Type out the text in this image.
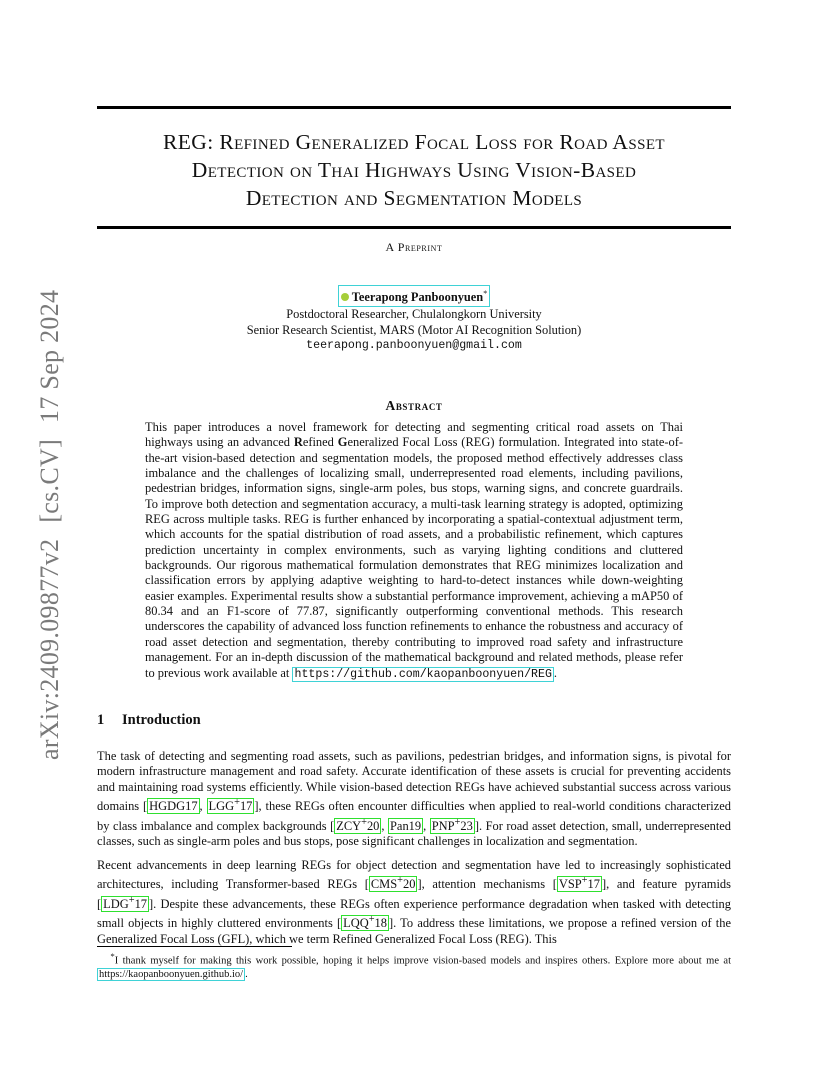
arXiv:2409.09877v2[cs.CV]17 Sep 2024
REG: Refined Generalized Focal Loss for Road Asset
Detection on Thai Highways Using Vision-Based
Detection and Segmentation Models
A Preprint
Teerapong Panboonyuen*
Postdoctoral Researcher, Chulalongkorn University
Senior Research Scientist, MARS (Motor AI Recognition Solution)
teerapong.panboonyuen@gmail.com
Abstract
This paper introduces a novel framework for detecting and segmenting critical road assets on Thai highways using an advanced Refined Generalized Focal Loss (REG) formulation. Integrated into state-of-the-art vision-based detection and segmentation models, the proposed method effectively addresses class imbalance and the challenges of localizing small, underrepresented road elements, including pavilions, pedestrian bridges, information signs, single-arm poles, bus stops, warning signs, and concrete guardrails. To improve both detection and segmentation accuracy, a multi-task learning strategy is adopted, optimizing REG across multiple tasks. REG is further enhanced by incorporating a spatial-contextual adjustment term, which accounts for the spatial distribution of road assets, and a probabilistic refinement, which captures prediction uncertainty in complex environments, such as varying lighting conditions and cluttered backgrounds. Our rigorous mathematical formulation demonstrates that REG minimizes localization and classification errors by applying adaptive weighting to hard-to-detect instances while down-weighting easier examples. Experimental results show a substantial performance improvement, achieving a mAP50 of 80.34 and an F1-score of 77.87, significantly outperforming conventional methods. This research underscores the capability of advanced loss function refinements to enhance the robustness and accuracy of road asset detection and segmentation, thereby contributing to improved road safety and infrastructure management. For an in-depth discussion of the mathematical background and related methods, please refer to previous work available at https://github.com/kaopanboonyuen/REG .
1 Introduction
The task of detecting and segmenting road assets, such as pavilions, pedestrian bridges, and information signs, is pivotal for modern infrastructure management and road safety. Accurate identification of these assets is crucial for preventing accidents and maintaining road systems efficiently. While vision-based detection REGs have achieved substantial success across various domains [ HGDG17 , LGG+17 ], these REGs often encounter difficulties when applied to real-world conditions characterized by class imbalance and complex backgrounds [ ZCY+20 , Pan19 , PNP+23 ]. For road asset detection, small, underrepresented classes, such as single-arm poles and bus stops, pose significant challenges in localization and segmentation.
Recent advancements in deep learning REGs for object detection and segmentation have led to increasingly sophisticated architectures, including Transformer-based REGs [ CMS+20 ], attention mechanisms [ VSP+17 ], and feature pyramids [ LDG+17 ]. Despite these advancements, these REGs often experience performance degradation when tasked with detecting small objects in highly cluttered environments [ LQQ+18 ]. To address these limitations, we propose a refined version of the Generalized Focal Loss (GFL), which we term Refined Generalized Focal Loss (REG). This
*I thank myself for making this work possible, hoping it helps improve vision-based models and inspires others. Explore more about me at https://kaopanboonyuen.github.io/ .
